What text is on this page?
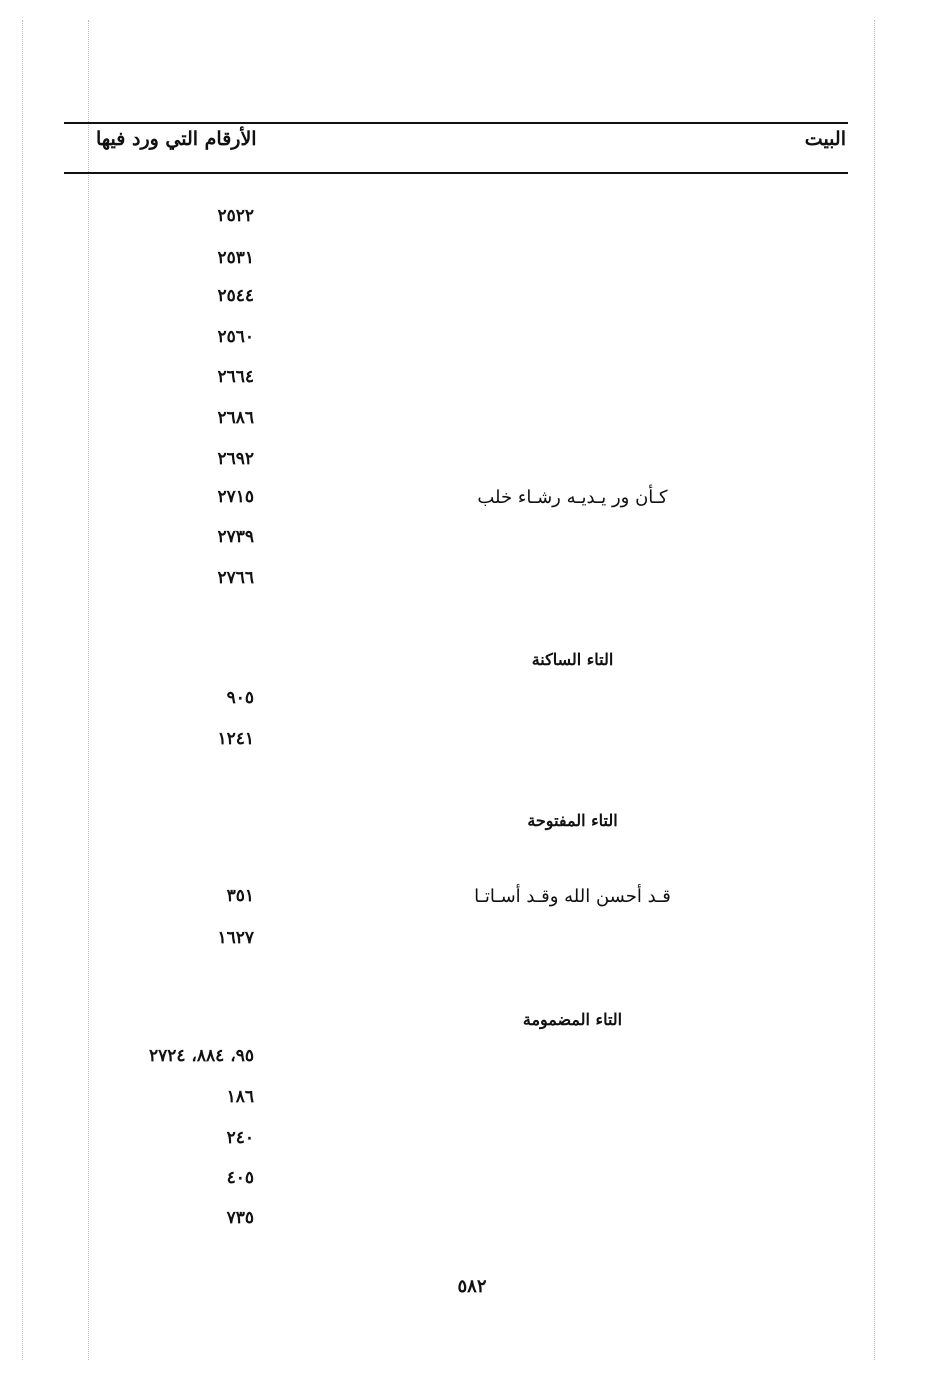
البيت
الأرقام التي ورد فيها
٢٥٢٢
٢٥٣١
٢٥٤٤
٢٥٦٠
٢٦٦٤
٢٦٨٦
٢٦٩٢
كـأن ور يـديـه رشـاء خلب
٢٧١٥
٢٧٣٩
٢٧٦٦
التاء الساكنة
٩٠٥
١٢٤١
التاء المفتوحة
قـد أحسن الله وقـد أسـاتـا
٣٥١
١٦٢٧
التاء المضمومة
٩٥، ٨٨٤، ٢٧٢٤
١٨٦
٢٤٠
٤٠٥
٧٣٥
٥٨٢
